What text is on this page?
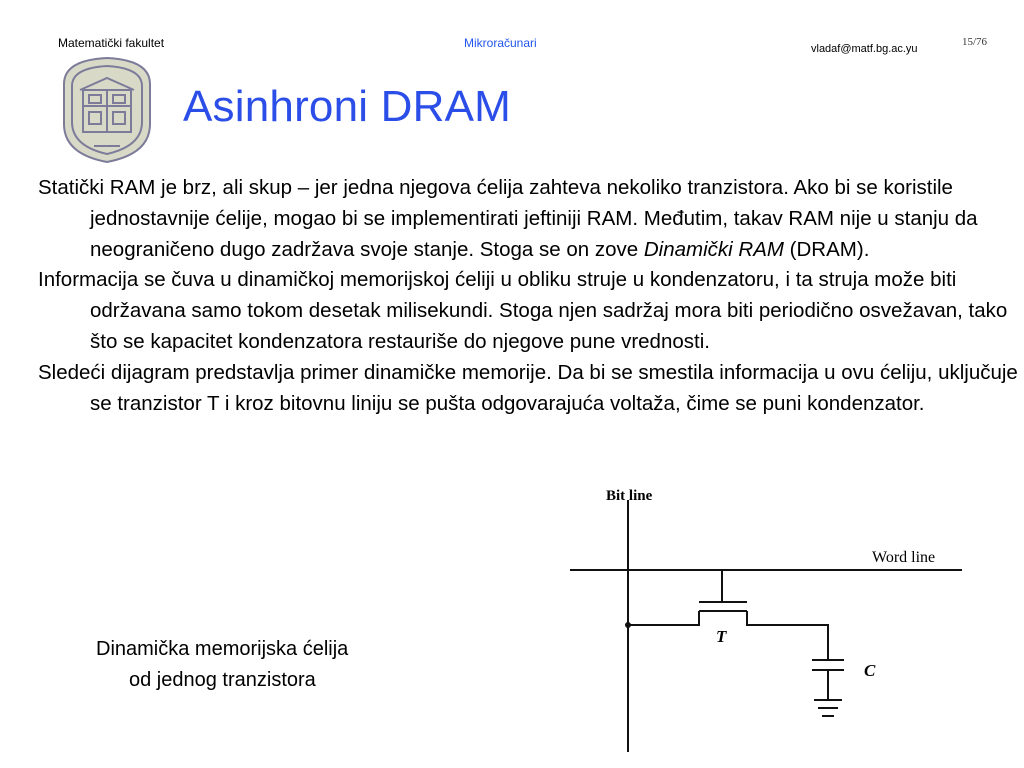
Matematički fakultet	Mikroračunari	vladaf@matf.bg.ac.yu
15/76
Asinhroni DRAM

Statički RAM je brz, ali skup – jer jedna njegova ćelija zahteva nekoliko tranzistora. Ako bi se koristile jednostavnije ćelije, mogao bi se implementirati jeftiniji RAM. Međutim, takav RAM nije u stanju da neograničeno dugo zadržava svoje stanje. Stoga se on zove Dinamički RAM (DRAM).

Informacija se čuva u dinamičkoj memorijskoj ćeliji u obliku struje u kondenzatoru, i ta struja može biti održavana samo tokom desetak milisekundi. Stoga njen sadržaj mora biti periodično osvežavan, tako što se kapacitet kondenzatora restauriše do njegove pune vrednosti.

Sledeći dijagram predstavlja primer dinamičke memorije. Da bi se smestila informacija u ovu ćeliju, uključuje se tranzistor T i kroz bitovnu liniju se pušta odgovarajuća voltaža, čime se puni kondenzator.

Dinamička memorijska ćelija
od jednog tranzistora
Bit line
Word line
T
C
